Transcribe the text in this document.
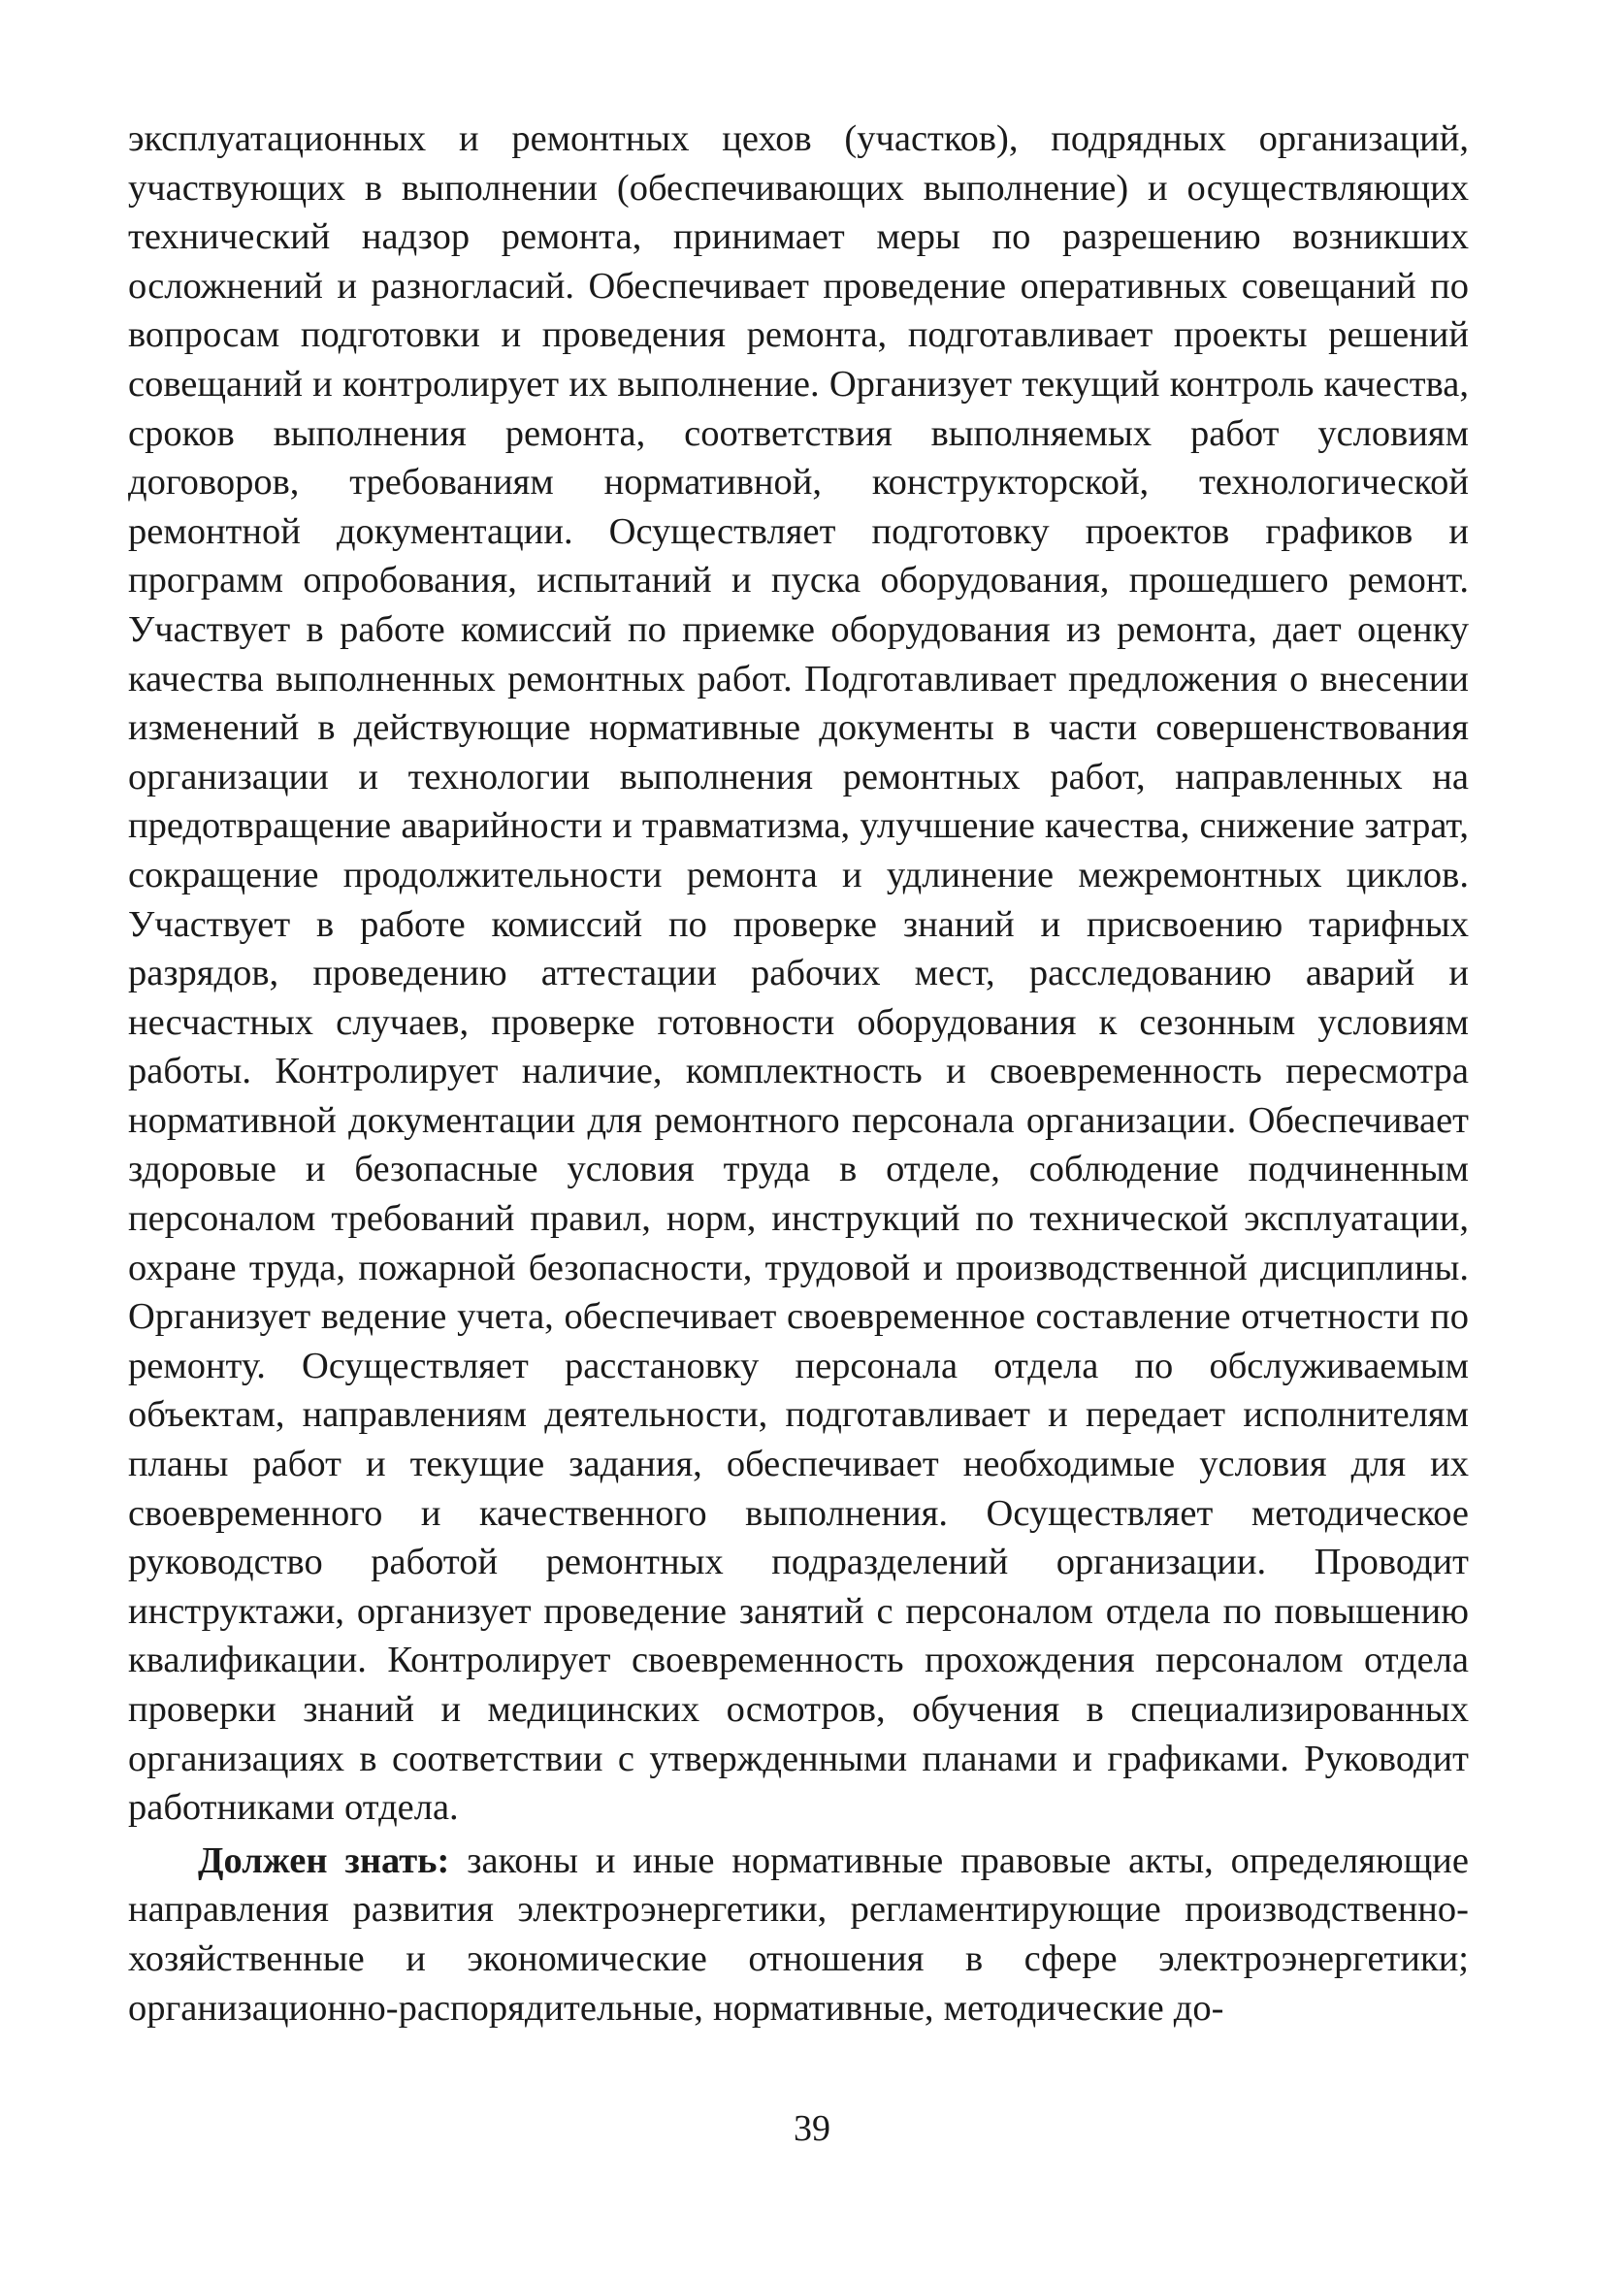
эксплуатационных и ремонтных цехов (участков), подрядных организаций, участвующих в выполнении (обеспечивающих выполнение) и осуществляющих технический надзор ремонта, принимает меры по разрешению возникших осложнений и разногласий. Обеспечивает проведение оперативных совещаний по вопросам подготовки и проведения ремонта, подготавливает проекты решений совещаний и контролирует их выполнение. Организует текущий контроль качества, сроков выполнения ремонта, соответствия выполняемых работ условиям договоров, требованиям нормативной, конструкторской, технологической ремонтной документации. Осуществляет подготовку проектов графиков и программ опробования, испытаний и пуска оборудования, прошедшего ремонт. Участвует в работе комиссий по приемке оборудования из ремонта, дает оценку качества выполненных ремонтных работ. Подготавливает предложения о внесении изменений в действующие нормативные документы в части совершенствования организации и технологии выполнения ремонтных работ, направленных на предотвращение аварийности и травматизма, улучшение качества, снижение затрат, сокращение продолжительности ремонта и удлинение межремонтных циклов. Участвует в работе комиссий по проверке знаний и присвоению тарифных разрядов, проведению аттестации рабочих мест, расследованию аварий и несчастных случаев, проверке готовности оборудования к сезонным условиям работы. Контролирует наличие, комплектность и своевременность пересмотра нормативной документации для ремонтного персонала организации. Обеспечивает здоровые и безопасные условия труда в отделе, соблюдение подчиненным персоналом требований правил, норм, инструкций по технической эксплуатации, охране труда, пожарной безопасности, трудовой и производственной дисциплины. Организует ведение учета, обеспечивает своевременное составление отчетности по ремонту. Осуществляет расстановку персонала отдела по обслуживаемым объектам, направлениям деятельности, подготавливает и передает исполнителям планы работ и текущие задания, обеспечивает необходимые условия для их своевременного и качественного выполнения. Осуществляет методическое руководство работой ремонтных подразделений организации. Проводит инструктажи, организует проведение занятий с персоналом отдела по повышению квалификации. Контролирует своевременность прохождения персоналом отдела проверки знаний и медицинских осмотров, обучения в специализированных организациях в соответствии с утвержденными планами и графиками. Руководит работниками отдела.

Должен знать: законы и иные нормативные правовые акты, определяющие направления развития электроэнергетики, регламентирующие производственно-хозяйственные и экономические отношения в сфере электроэнергетики; организационно-распорядительные, нормативные, методические до-

39
